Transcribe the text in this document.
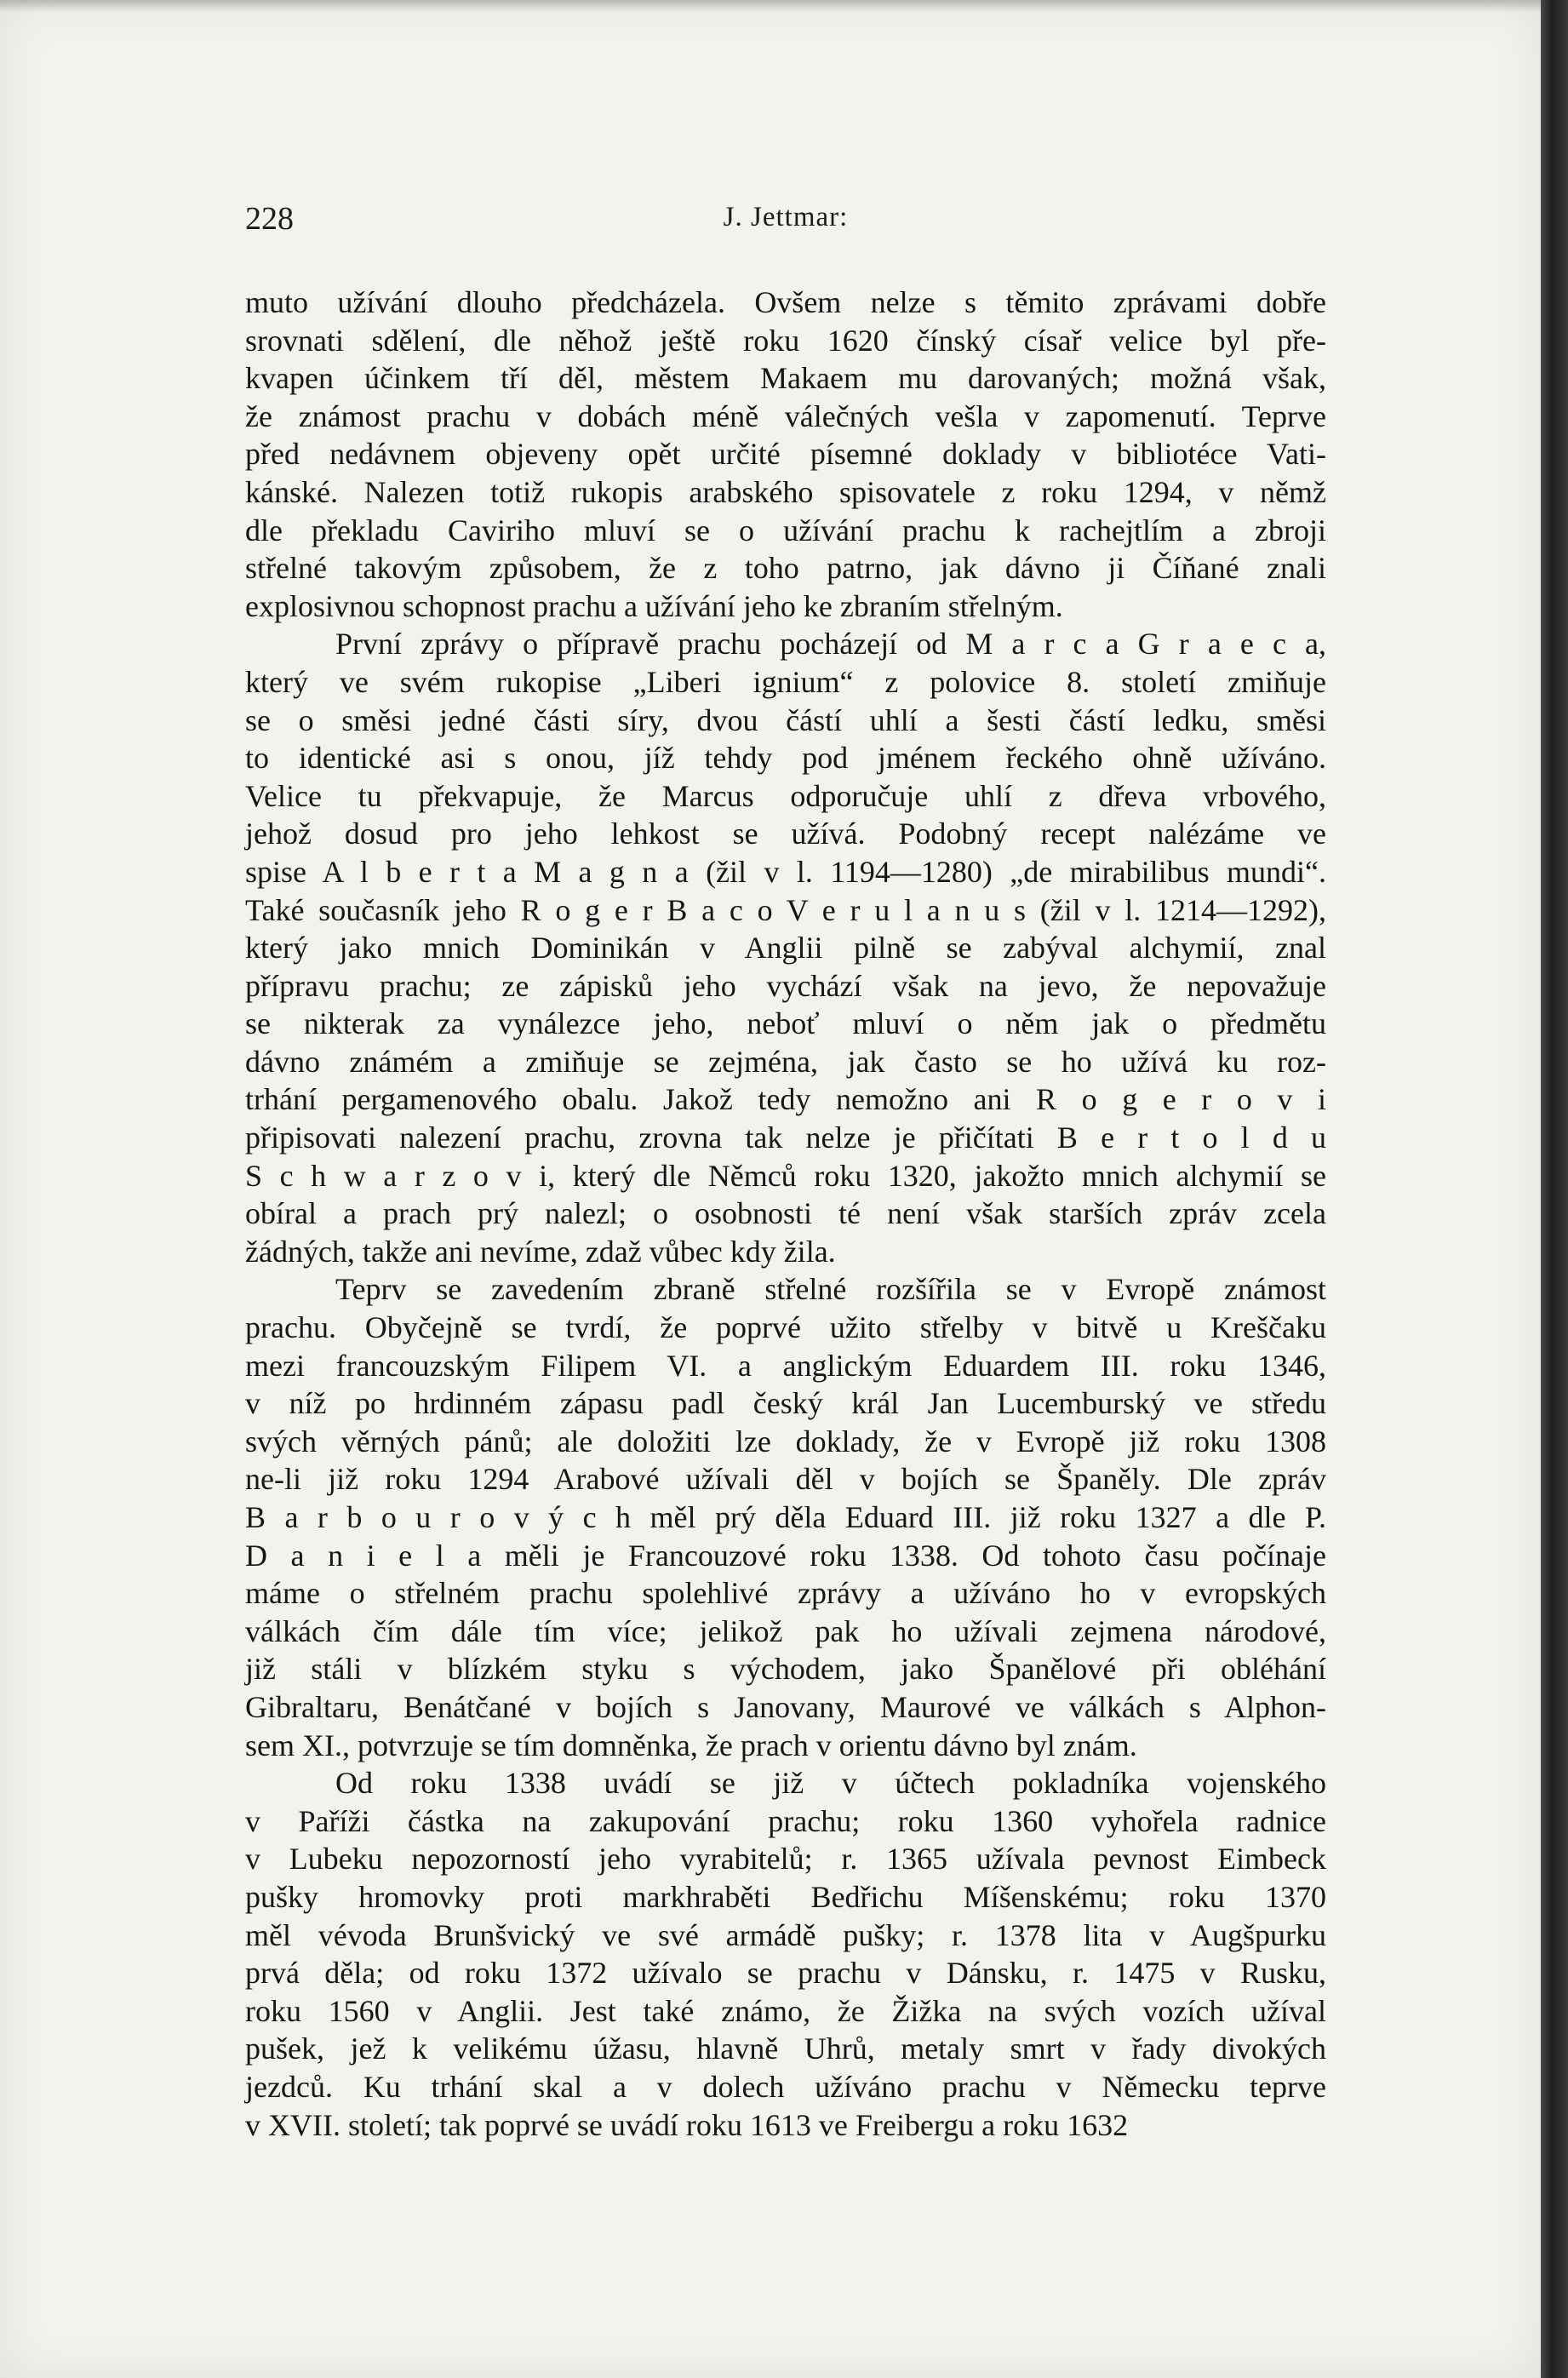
228	J. Jettmar:
muto užívání dlouho předcházela. Ovšem nelze s těmito zprávami dobře
srovnati sdělení, dle něhož ještě roku 1620 čínský císař velice byl pře-
kvapen účinkem tří děl, městem Makaem mu darovaných; možná však,
že známost prachu v dobách méně válečných vešla v zapomenutí. Teprve
před nedávnem objeveny opět určité písemné doklady v bibliotéce Vati-
kánské. Nalezen totiž rukopis arabského spisovatele z roku 1294, v němž
dle překladu Caviriho mluví se o užívání prachu k rachejtlím a zbroji
střelné takovým způsobem, že z toho patrno, jak dávno ji Číňané znali
explosivnou schopnost prachu a užívání jeho ke zbraním střelným.
První zprávy o přípravě prachu pocházejí od M a r c a G r a e c a,
který ve svém rukopise „Liberi ignium“ z polovice 8. století zmiňuje
se o směsi jedné části síry, dvou částí uhlí a šesti částí ledku, směsi
to identické asi s onou, jíž tehdy pod jménem řeckého ohně užíváno.
Velice tu překvapuje, že Marcus odporučuje uhlí z dřeva vrbového,
jehož dosud pro jeho lehkost se užívá. Podobný recept nalézáme ve
spise A l b e r t a M a g n a (žil v l. 1194—1280) „de mirabilibus mundi“.
Také současník jeho R o g e r B a c o V e r u l a n u s (žil v l. 1214—1292),
který jako mnich Dominikán v Anglii pilně se zabýval alchymií, znal
přípravu prachu; ze zápisků jeho vychází však na jevo, že nepovažuje
se nikterak za vynálezce jeho, neboť mluví o něm jak o předmětu
dávno známém a zmiňuje se zejména, jak často se ho užívá ku roz-
trhání pergamenového obalu. Jakož tedy nemožno ani R o g e r o v i
připisovati nalezení prachu, zrovna tak nelze je přičítati B e r t o l d u
S c h w a r z o v i, který dle Němců roku 1320, jakožto mnich alchymií se
obíral a prach prý nalezl; o osobnosti té není však starších zpráv zcela
žádných, takže ani nevíme, zdaž vůbec kdy žila.
Teprv se zavedením zbraně střelné rozšířila se v Evropě známost
prachu. Obyčejně se tvrdí, že poprvé užito střelby v bitvě u Kreščaku
mezi francouzským Filipem VI. a anglickým Eduardem III. roku 1346,
v níž po hrdinném zápasu padl český král Jan Lucemburský ve středu
svých věrných pánů; ale doložiti lze doklady, že v Evropě již roku 1308
ne-li již roku 1294 Arabové užívali děl v bojích se Španěly. Dle zpráv
B a r b o u r o v ý c h měl prý děla Eduard III. již roku 1327 a dle P.
D a n i e l a měli je Francouzové roku 1338. Od tohoto času počínaje
máme o střelném prachu spolehlivé zprávy a užíváno ho v evropských
válkách čím dále tím více; jelikož pak ho užívali zejmena národové,
již stáli v blízkém styku s východem, jako Španělové při obléhání
Gibraltaru, Benátčané v bojích s Janovany, Maurové ve válkách s Alphon-
sem XI., potvrzuje se tím domněnka, že prach v orientu dávno byl znám.
Od roku 1338 uvádí se již v účtech pokladníka vojenského
v Paříži částka na zakupování prachu; roku 1360 vyhořela radnice
v Lubeku nepozorností jeho vyrabitelů; r. 1365 užívala pevnost Eimbeck
pušky hromovky proti markhraběti Bedřichu Míšenskému; roku 1370
měl vévoda Brunšvický ve své armádě pušky; r. 1378 lita v Augšpurku
prvá děla; od roku 1372 užívalo se prachu v Dánsku, r. 1475 v Rusku,
roku 1560 v Anglii. Jest také známo, že Žižka na svých vozích užíval
pušek, jež k velikému úžasu, hlavně Uhrů, metaly smrt v řady divokých
jezdců. Ku trhání skal a v dolech užíváno prachu v Německu teprve
v XVII. století; tak poprvé se uvádí roku 1613 ve Freibergu a roku 1632
